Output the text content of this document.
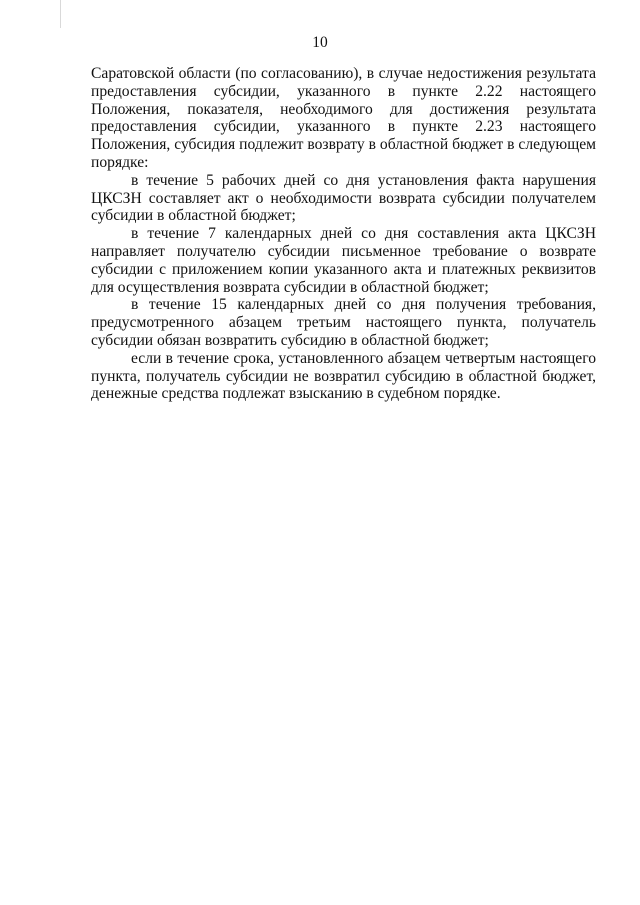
10

Саратовской области (по согласованию), в случае недостижения результата предоставления субсидии, указанного в пункте 2.22 настоящего Положения, показателя, необходимого для достижения результата предоставления субсидии, указанного в пункте 2.23 настоящего Положения, субсидия подлежит возврату в областной бюджет в следующем порядке:

в течение 5 рабочих дней со дня установления факта нарушения ЦКСЗН составляет акт о необходимости возврата субсидии получателем субсидии в областной бюджет;

в течение 7 календарных дней со дня составления акта ЦКСЗН направляет получателю субсидии письменное требование о возврате субсидии с приложением копии указанного акта и платежных реквизитов для осуществления возврата субсидии в областной бюджет;

в течение 15 календарных дней со дня получения требования, предусмотренного абзацем третьим настоящего пункта, получатель субсидии обязан возвратить субсидию в областной бюджет;

если в течение срока, установленного абзацем четвертым настоящего пункта, получатель субсидии не возвратил субсидию в областной бюджет, денежные средства подлежат взысканию в судебном порядке.
